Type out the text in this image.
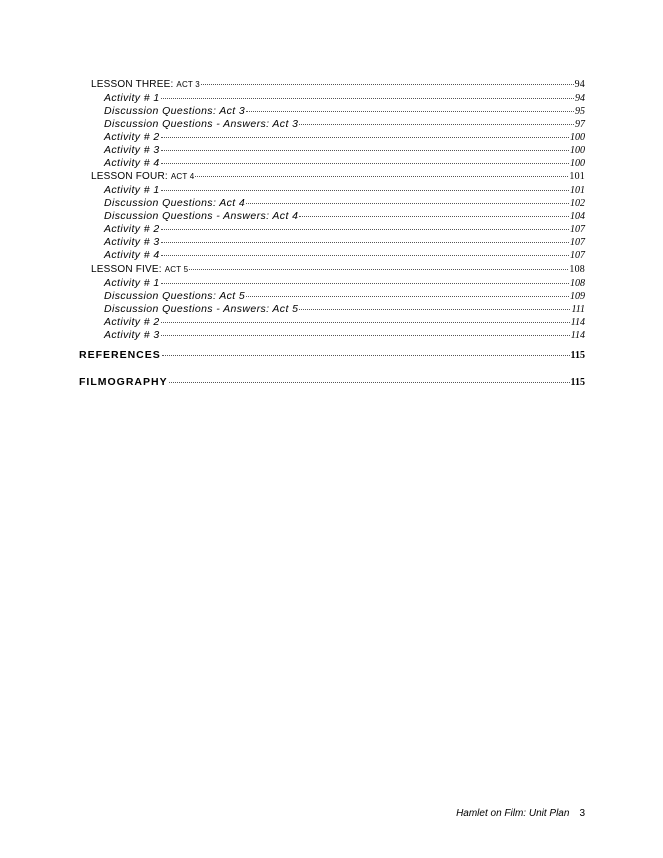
LESSON THREE: ACT 3	94
Activity # 1	94
Discussion Questions: Act 3	95
Discussion Questions - Answers: Act 3	97
Activity # 2	100
Activity # 3	100
Activity # 4	100
LESSON FOUR: ACT 4	101
Activity # 1	101
Discussion Questions: Act 4	102
Discussion Questions - Answers: Act 4	104
Activity # 2	107
Activity # 3	107
Activity # 4	107
LESSON FIVE: ACT 5	108
Activity # 1	108
Discussion Questions: Act 5	109
Discussion Questions - Answers: Act 5	111
Activity # 2	114
Activity # 3	114
REFERENCES	115
FILMOGRAPHY	115
Hamlet on Film: Unit Plan 3
